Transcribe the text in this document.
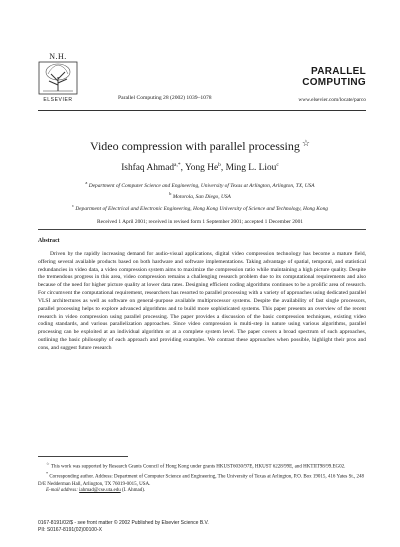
N.H.
ELSEVIER	Parallel Computing 28 (2002) 1039–1078
PARALLEL
COMPUTING
www.elsevier.com/locate/parco
Video compression with parallel processing ☆
Ishfaq Ahmad$^{a,*}$, Yong He$^b$, Ming L. Liou$^c$
$^a$ Department of Computer Science and Engineering, University of Texas at Arlington, Arlington, TX, USA
$^b$ Motorola, San Diego, USA
$^c$ Department of Electrical and Electronic Engineering, Hong Kong University of Science and Technology, Hong Kong
Received 1 April 2001; received in revised form 1 September 2001; accepted 1 December 2001
Abstract

Driven by the rapidly increasing demand for audio-visual applications, digital video compression technology has become a mature field, offering several available products based on both hardware and software implementations. Taking advantage of spatial, temporal, and statistical redundancies in video data, a video compression system aims to maximize the compression ratio while maintaining a high picture quality. Despite the tremendous progress in this area, video compression remains a challenging research problem due to its computational requirements and also because of the need for higher picture quality at lower data rates. Designing efficient coding algorithms continues to be a prolific area of research. For circumvent the computational requirement, researchers has resorted to parallel processing with a variety of approaches using dedicated parallel VLSI architectures as well as software on general-purpose available multiprocessor systems. Despite the availability of fast single processors, parallel processing helps to explore advanced algorithms and to build more sophisticated systems. This paper presents an overview of the recent research in video compression using parallel processing. The paper provides a discussion of the basic compression techniques, existing video coding standards, and various parallelization approaches. Since video compression is multi-step in nature using various algorithms, parallel processing can be exploited at an individual algorithm or at a complete system level. The paper covers a broad spectrum of such approaches, outlining the basic philosophy of each approach and providing examples. We contrast these approaches when possible, highlight their pros and cons, and suggest future research

☆ This work was supported by Research Grants Council of Hong Kong under grants HKUST6030/97E, HKUST 6228/99E, and HKTIIT98/99.EG02.

* Corresponding author. Address: Department of Computer Science and Engineering, The University of Texas at Arlington, P.O. Box 19015, 416 Yates St., 248 D/E Nedderman Hall, Arlington, TX 76019-0015, USA.

E-mail address: iahmad@cse.uta.edu (I. Ahmad).

0167-8191/02/$ - see front matter © 2002 Published by Elsevier Science B.V.
PII: S0167-8191(02)00100-X
